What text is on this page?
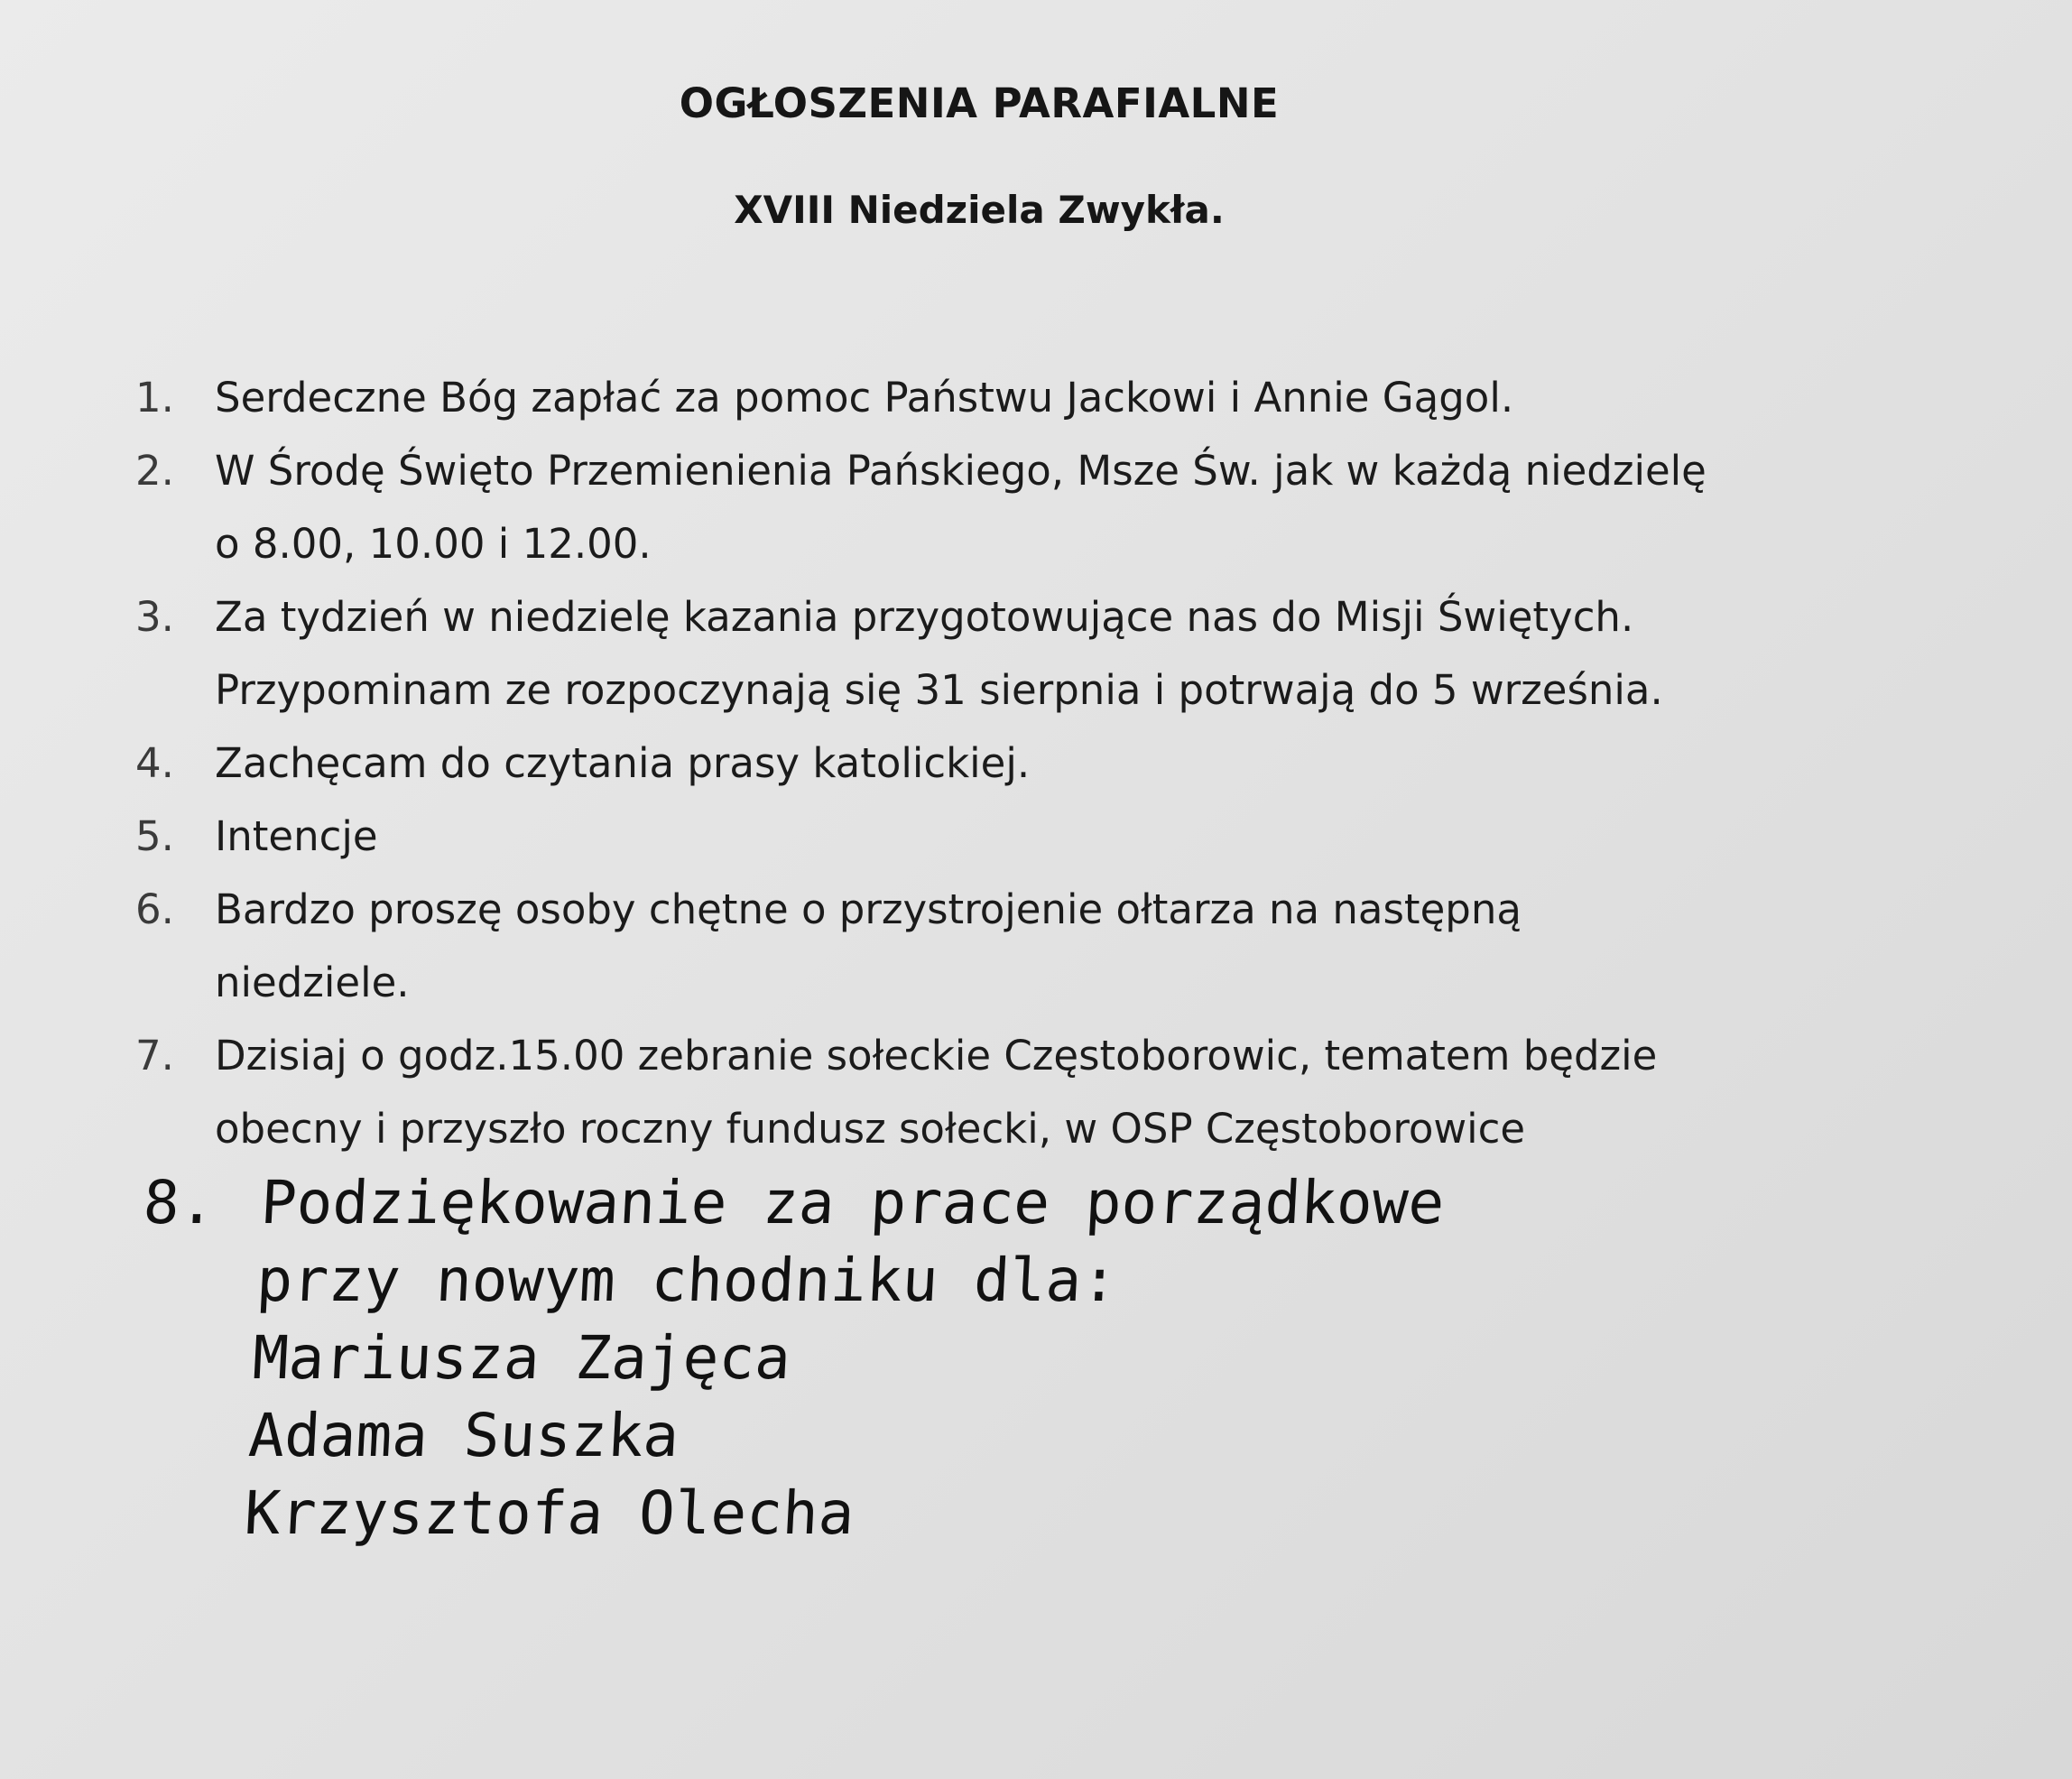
OGŁOSZENIA PARAFIALNE
XVIII Niedziela Zwykła.
1.	Serdeczne Bóg zapłać za pomoc Państwu Jackowi i Annie Gągol.
2.	W Środę Święto Przemienienia Pańskiego, Msze Św. jak w każdą niedzielę
o 8.00, 10.00 i 12.00.
3.	Za tydzień w niedzielę kazania przygotowujące nas do Misji Świętych.
Przypominam ze rozpoczynają się 31 sierpnia i potrwają do 5 września.
4.	Zachęcam do czytania prasy katolickiej.
5.	Intencje
6.	Bardzo proszę osoby chętne o przystrojenie ołtarza na następną
niedziele.
7.	Dzisiaj o godz.15.00 zebranie sołeckie Częstoborowic, tematem będzie
obecny i przyszło roczny fundusz sołecki, w OSP Częstoborowice
8. Podziękowanie za prace porządkowe
przy nowym chodniku dla:
Mariusza Zajęca
Adama Suszka
Krzysztofa Olecha
